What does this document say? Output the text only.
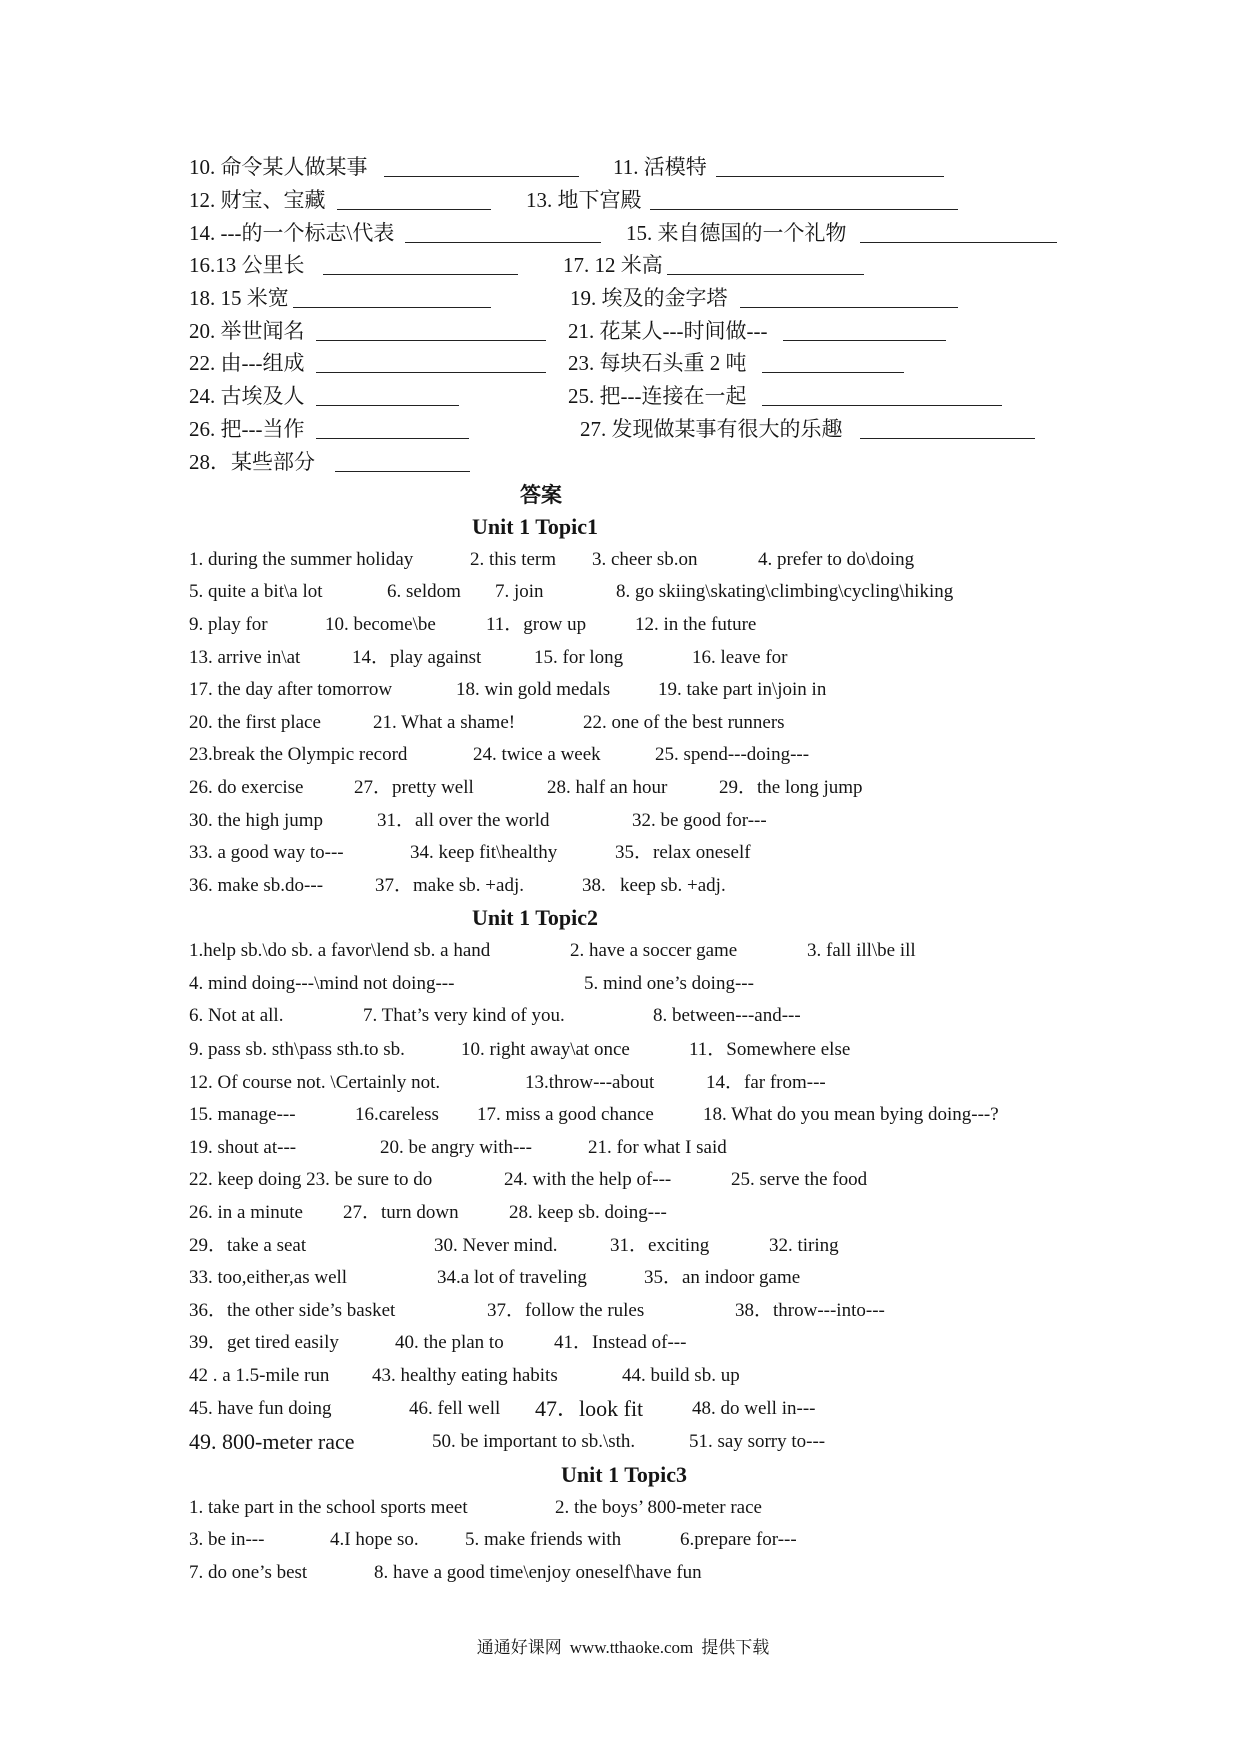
10. 命令某人做某事	11. 活模特
12. 财宝、宝藏	13. 地下宫殿
14. ---的一个标志\代表	15. 来自德国的一个礼物
16.13 公里长	17. 12 米高
18. 15 米宽	19. 埃及的金字塔
20. 举世闻名	21. 花某人---时间做---
22. 由---组成	23. 每块石头重 2 吨
24. 古埃及人	25. 把---连接在一起
26. 把---当作	27. 发现做某事有很大的乐趣
28．某些部分
答案
Unit 1 Topic1
1. during the summer holiday	2. this term 3. cheer sb.on	4. prefer to do\doing
5. quite a bit\a lot	6. seldom 7. join	8. go skiing\skating\climbing\cycling\hiking
9. play for	10. become\be	11．grow up	12. in the future
13. arrive in\at	14．play against	15. for long	16. leave for
17. the day after tomorrow	18. win gold medals	19. take part in\join in
20. the first place	21. What a shame!	22. one of the best runners
23.break the Olympic record	24. twice a week	25. spend---doing---
26. do exercise	27．pretty well	28. half an hour	29．the long jump
30. the high jump	31．all over the world	32. be good for---
33. a good way to---	34. keep fit\healthy	35．relax oneself
36. make sb.do---	37．make sb. +adj.	38.   keep sb. +adj.
Unit 1 Topic2
1.help sb.\do sb. a favor\lend sb. a hand	2. have a soccer game	3. fall ill\be ill
4. mind doing---\mind not doing---	5. mind one’s doing---
6. Not at all.	7. That’s very kind of you.	8. between---and---
9. pass sb. sth\pass sth.to sb.	10. right away\at once	11．Somewhere else
12. Of course not. \Certainly not.	13.throw---about	14．far from---
15. manage---	16.careless 17. miss a good chance	18. What do you mean bying doing---?
19. shout at---	20. be angry with---	21. for what I said
22. keep doing 23. be sure to do	24. with the help of---	25. serve the food
26. in a minute 27．turn down	28. keep sb. doing---
29．take a seat	30. Never mind.	31．exciting	32. tiring
33. too,either,as well	34.a lot of traveling	35．an indoor game
36．the other side’s basket	37．follow the rules	38．throw---into---
39．get tired easily	40. the plan to	41．Instead of---
42 . a 1.5-mile run 43. healthy eating habits	44. build sb. up
45. have fun doing	46. fell well 47．look fit	48. do well in---
49. 800-meter race	50. be important to sb.\sth.	51. say sorry to---
Unit 1 Topic3
1. take part in the school sports meet	2. the boys’ 800-meter race
3. be in---	4.I hope so. 5. make friends with	6.prepare for---
7. do one’s best	8. have a good time\enjoy oneself\have fun
通通好课网 www.tthaoke.com 提供下载
